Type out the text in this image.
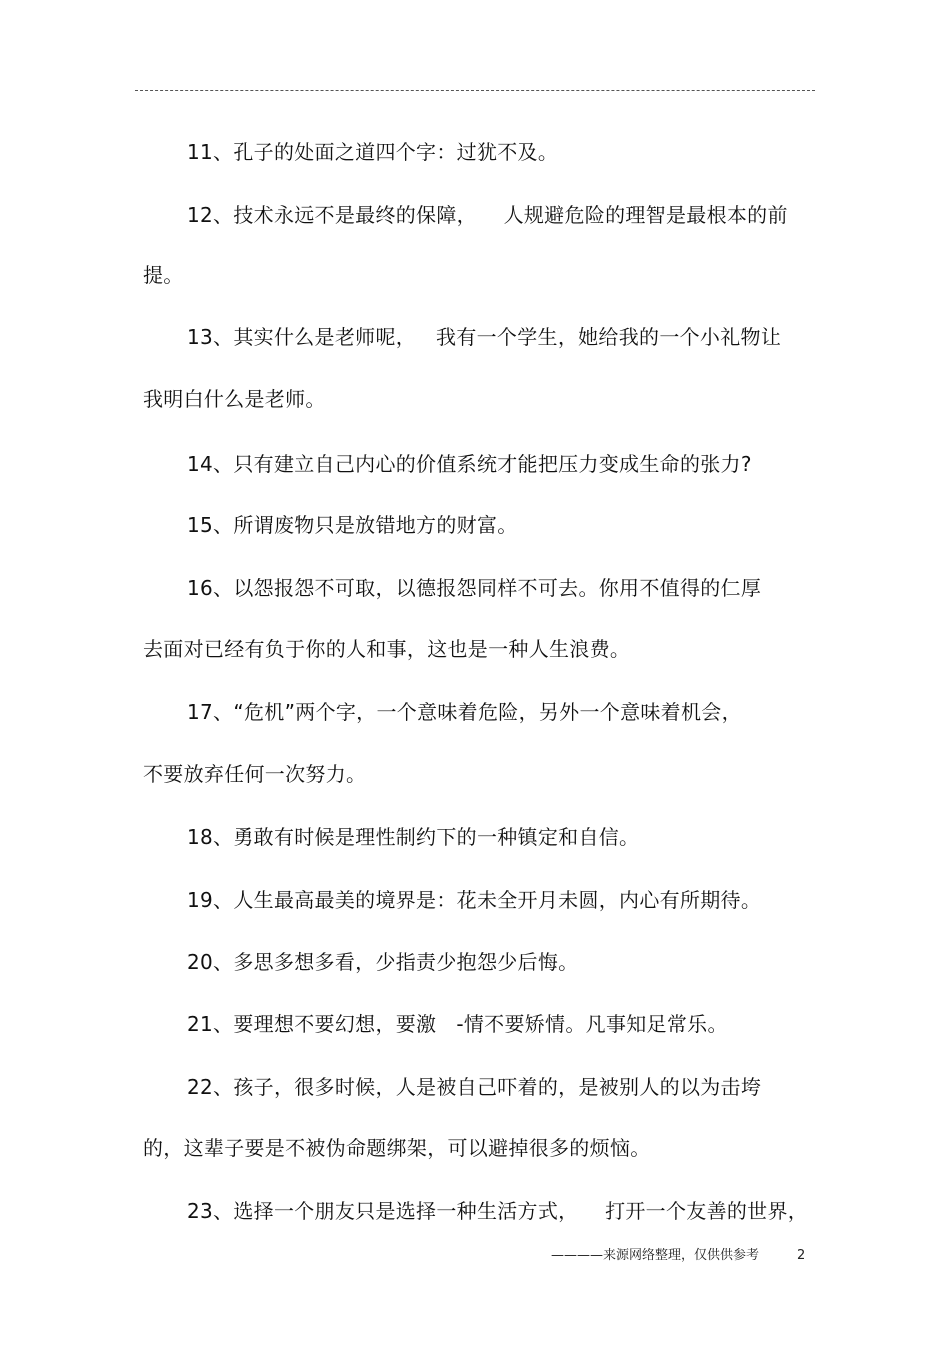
11、孔子的处面之道四个字：过犹不及。
12、技术永远不是最终的保障，    人规避危险的理智是最根本的前
提。
13、其实什么是老师呢，   我有一个学生，她给我的一个小礼物让
我明白什么是老师。
14、只有建立自己内心的价值系统才能把压力变成生命的张力?
15、所谓废物只是放错地方的财富。
16、以怨报怨不可取，以德报怨同样不可去。你用不值得的仁厚
去面对已经有负于你的人和事，这也是一种人生浪费。
17、“危机”两个字，一个意味着危险，另外一个意味着机会，
不要放弃任何一次努力。
18、勇敢有时候是理性制约下的一种镇定和自信。
19、人生最高最美的境界是：花未全开月未圆，内心有所期待。
20、多思多想多看，少指责少抱怨少后悔。
21、要理想不要幻想，要激   -情不要矫情。凡事知足常乐。
22、孩子，很多时候，人是被自己吓着的，是被别人的以为击垮
的，这辈子要是不被伪命题绑架，可以避掉很多的烦恼。
23、选择一个朋友只是选择一种生活方式，    打开一个友善的世界，
————来源网络整理，仅供供参考	2
